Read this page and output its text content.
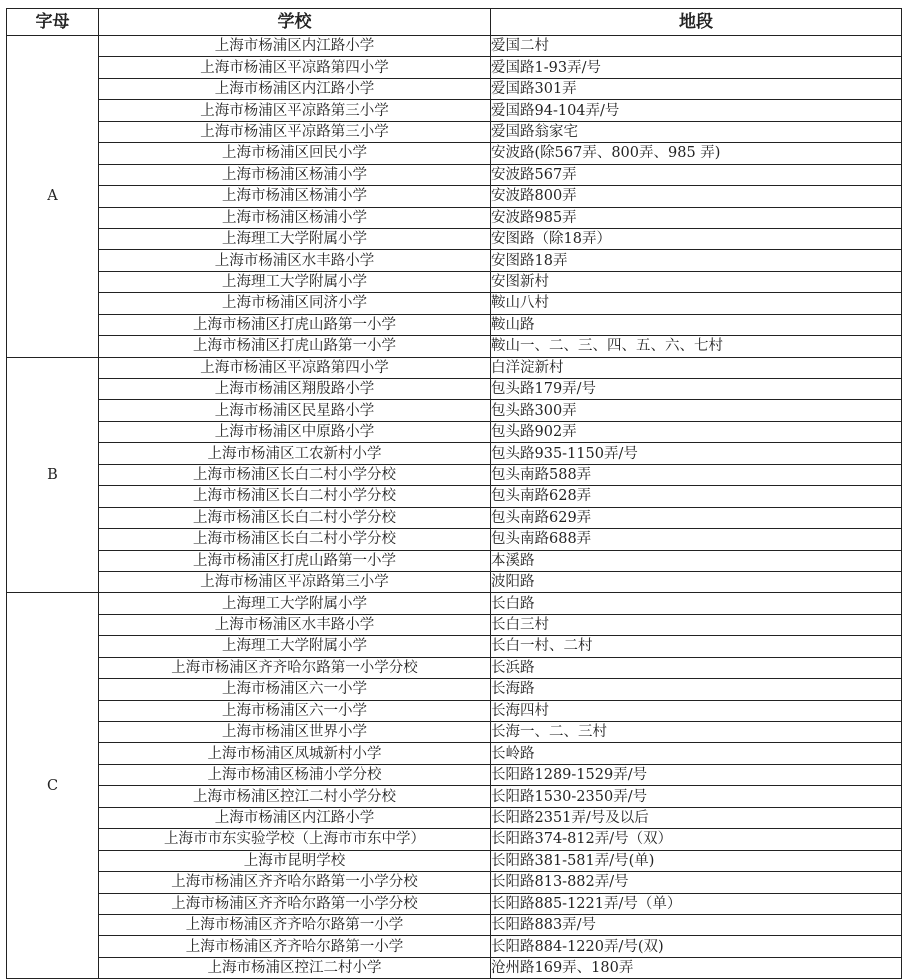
字母	学校	地段
A	上海市杨浦区内江路小学	爱国二村
	上海市杨浦区平凉路第四小学	爱国路1-93弄/号
	上海市杨浦区内江路小学	爱国路301弄
	上海市杨浦区平凉路第三小学	爱国路94-104弄/号
	上海市杨浦区平凉路第三小学	爱国路翁家宅
	上海市杨浦区回民小学	安波路(除567弄、800弄、985 弄)
	上海市杨浦区杨浦小学	安波路567弄
	上海市杨浦区杨浦小学	安波路800弄
	上海市杨浦区杨浦小学	安波路985弄
	上海理工大学附属小学	安图路（除18弄）
	上海市杨浦区水丰路小学	安图路18弄
	上海理工大学附属小学	安图新村
	上海市杨浦区同济小学	鞍山八村
	上海市杨浦区打虎山路第一小学	鞍山路
	上海市杨浦区打虎山路第一小学	鞍山一、二、三、四、五、六、七村
B	上海市杨浦区平凉路第四小学	白洋淀新村
	上海市杨浦区翔殷路小学	包头路179弄/号
	上海市杨浦区民星路小学	包头路300弄
	上海市杨浦区中原路小学	包头路902弄
	上海市杨浦区工农新村小学	包头路935-1150弄/号
	上海市杨浦区长白二村小学分校	包头南路588弄
	上海市杨浦区长白二村小学分校	包头南路628弄
	上海市杨浦区长白二村小学分校	包头南路629弄
	上海市杨浦区长白二村小学分校	包头南路688弄
	上海市杨浦区打虎山路第一小学	本溪路
	上海市杨浦区平凉路第三小学	波阳路
C	上海理工大学附属小学	长白路
	上海市杨浦区水丰路小学	长白三村
	上海理工大学附属小学	长白一村、二村
	上海市杨浦区齐齐哈尔路第一小学分校	长浜路
	上海市杨浦区六一小学	长海路
	上海市杨浦区六一小学	长海四村
	上海市杨浦区世界小学	长海一、二、三村
	上海市杨浦区凤城新村小学	长岭路
	上海市杨浦区杨浦小学分校	长阳路1289-1529弄/号
	上海市杨浦区控江二村小学分校	长阳路1530-2350弄/号
	上海市杨浦区内江路小学	长阳路2351弄/号及以后
	上海市市东实验学校（上海市市东中学）	长阳路374-812弄/号（双）
	上海市昆明学校	长阳路381-581弄/号(单)
	上海市杨浦区齐齐哈尔路第一小学分校	长阳路813-882弄/号
	上海市杨浦区齐齐哈尔路第一小学分校	长阳路885-1221弄/号（单）
	上海市杨浦区齐齐哈尔路第一小学	长阳路883弄/号
	上海市杨浦区齐齐哈尔路第一小学	长阳路884-1220弄/号(双)
	上海市杨浦区控江二村小学	沧州路169弄、180弄
